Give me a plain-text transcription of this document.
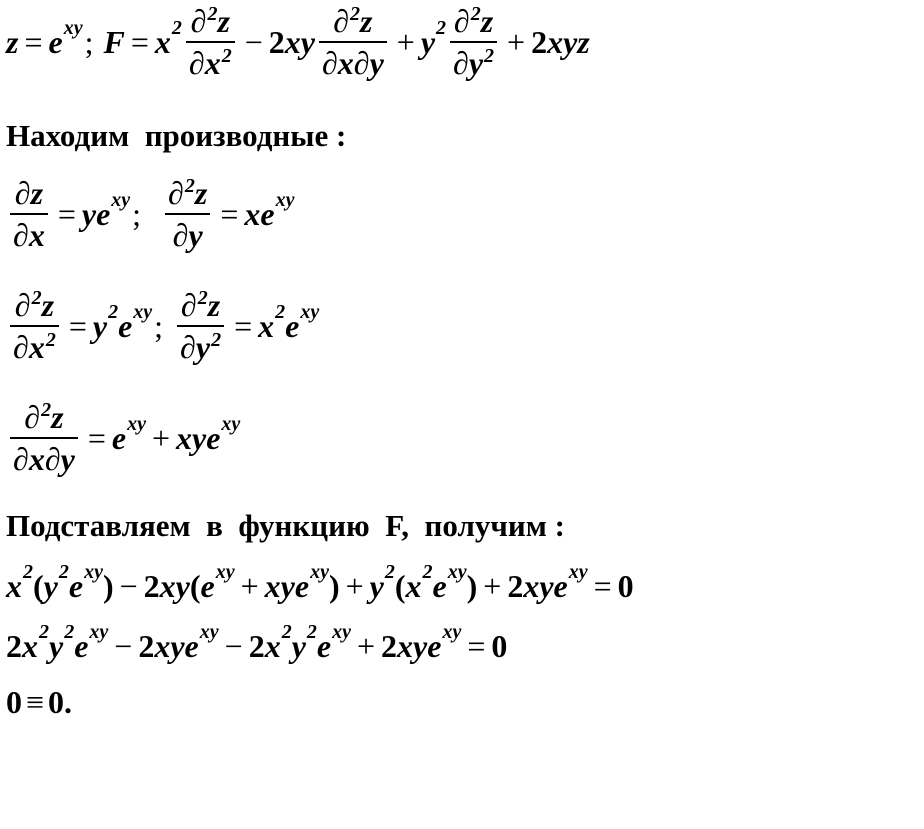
z = e xy ; F = x $2 \frac{\partial 2 z}{\partial x 2} - 2$ xy $\frac{\partial 2 z}{\partial x \partial y} + y$ $2 \frac{\partial 2 z}{\partial y 2} + 2$ xyz
Находим  производные :
$\frac{\partial z}{\partial x}$ = ye xy ; $\frac{\partial 2 z}{\partial y}$ = xe xy
$\frac{\partial 2 z}{\partial x 2} = y$ 2 e xy ; $\frac{\partial 2 z}{\partial y 2} = x$ 2 e xy
$\frac{\partial 2 z}{\partial x \partial y} = e$ xy + xye xy
Подставляем  в  функцию  F,  получим :
x 2 ( y 2 e xy ) − 2 xy ( e xy + xye xy ) + y 2 ( x 2 e xy ) + 2 xye xy = 0
2 x 2 y 2 e xy − 2 xye xy − 2 x 2 y 2 e xy + 2 xye xy = 0
0 ≡ 0.
